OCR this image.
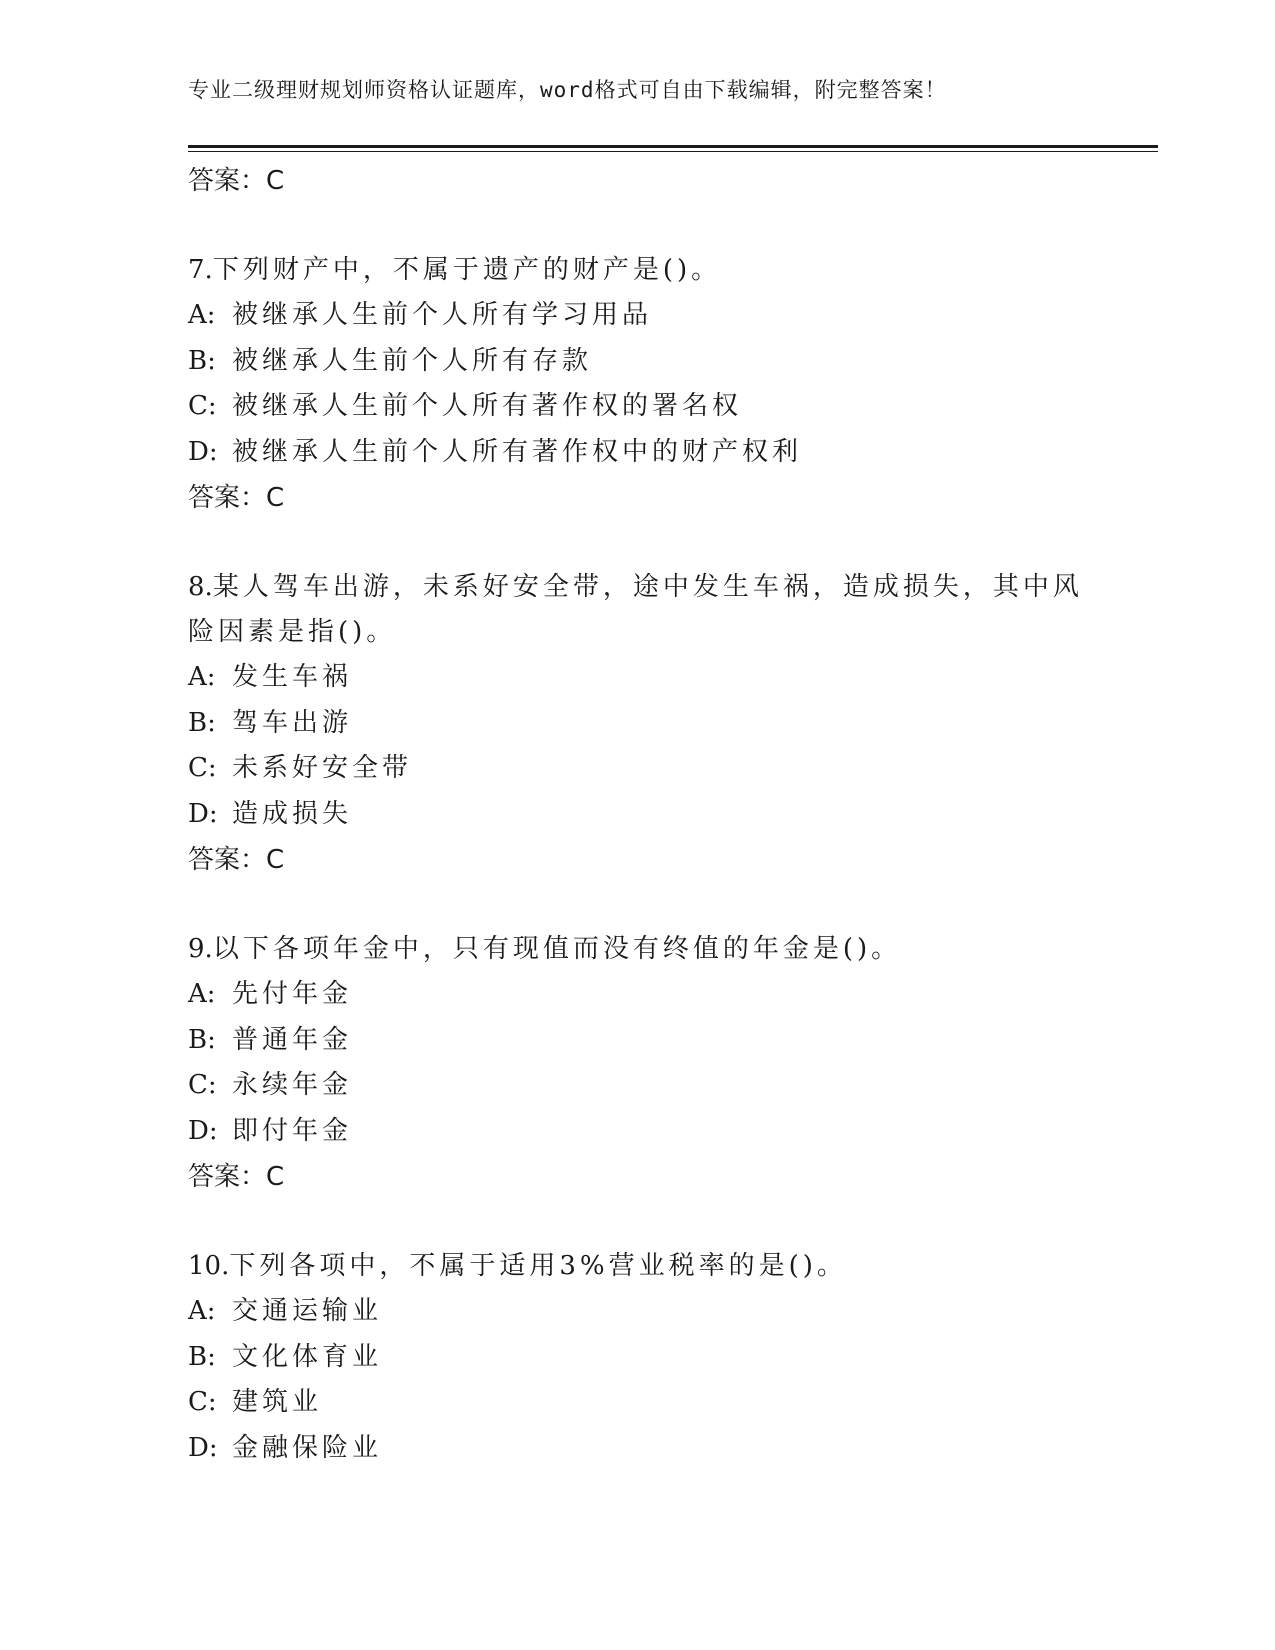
专业二级理财规划师资格认证题库，word格式可自由下载编辑，附完整答案！
答案：C
7.下列财产中，不属于遗产的财产是()。
A: 被继承人生前个人所有学习用品
B: 被继承人生前个人所有存款
C: 被继承人生前个人所有著作权的署名权
D: 被继承人生前个人所有著作权中的财产权利
答案：C
8.某人驾车出游，未系好安全带，途中发生车祸，造成损失，其中风险因素是指()。
A: 发生车祸
B: 驾车出游
C: 未系好安全带
D: 造成损失
答案：C
9.以下各项年金中，只有现值而没有终值的年金是()。
A: 先付年金
B: 普通年金
C: 永续年金
D: 即付年金
答案：C
10.下列各项中，不属于适用3%营业税率的是()。
A: 交通运输业
B: 文化体育业
C: 建筑业
D: 金融保险业
